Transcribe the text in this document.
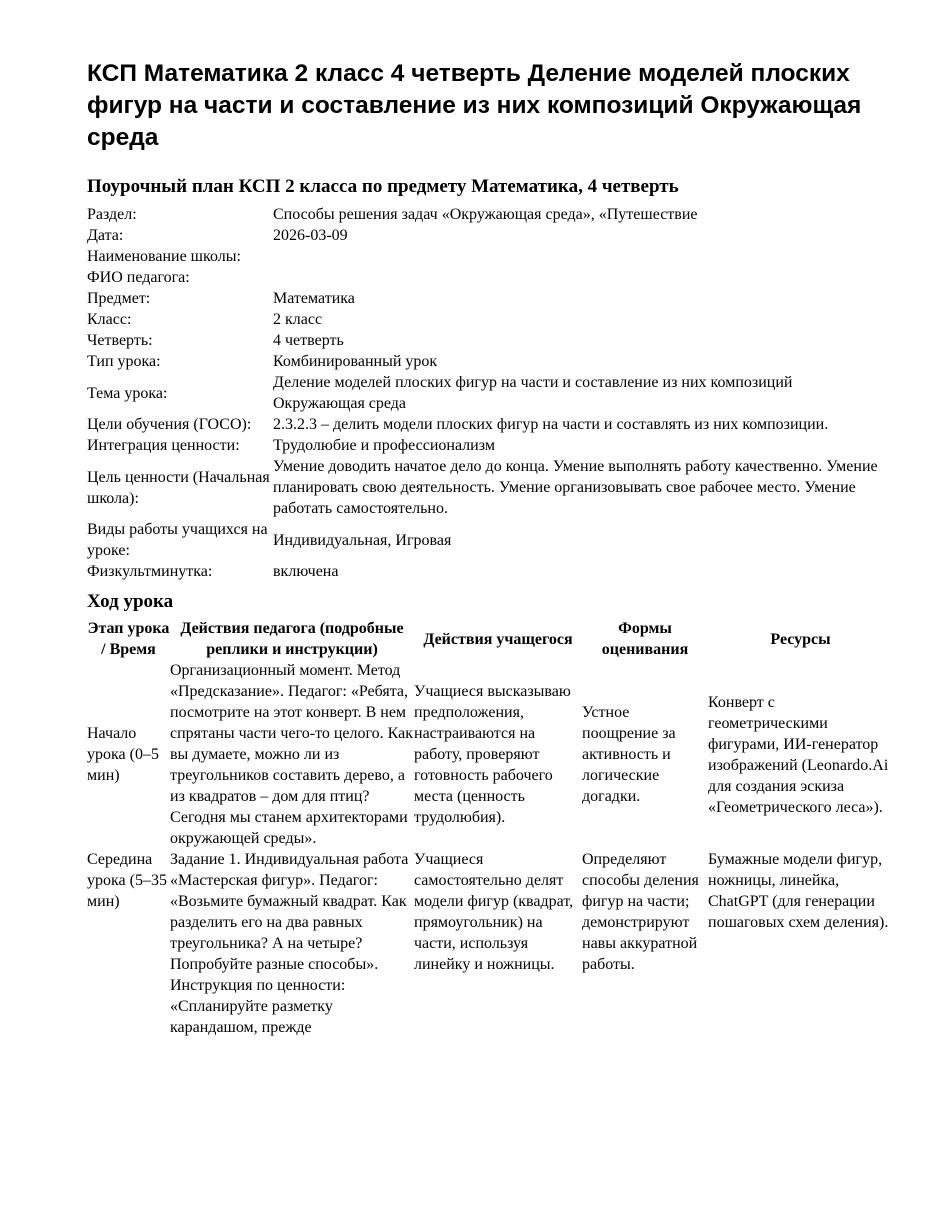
КСП Математика 2 класс 4 четверть Деление моделей плоских фигур на части и составление из них композиций Окружающая среда
Поурочный план КСП 2 класса по предмету Математика, 4 четверть
Раздел:	Способы решения задач «Окружающая среда», «Путешествие
Дата:	2026-03-09
Наименование школы:	
ФИО педагога:	
Предмет:	Математика
Класс:	2 класс
Четверть:	4 четверть
Тип урока:	Комбинированный урок
Тема урока:	Деление моделей плоских фигур на части и составление из них композиций Окружающая среда
Цели обучения (ГОСО):	2.3.2.3 – делить модели плоских фигур на части и составлять из них композиции.
Интеграция ценности:	Трудолюбие и профессионализм
Цель ценности (Начальная школа):	Умение доводить начатое дело до конца. Умение выполнять работу качественно. Умение планировать свою деятельность. Умение организовывать свое рабочее место. Умение работать самостоятельно.
Виды работы учащихся на уроке:	Индивидуальная, Игровая
Физкультминутка:	включена
Ход урока
Этап урока / Время	Действия педагога (подробные реплики и инструкции)	Действия учащегося	Формы оценивания	Ресурсы
Начало урока (0–5 мин)	Организационный момент. Метод «Предсказание». Педагог: «Ребята, посмотрите на этот конверт. В нем спрятаны части чего-то целого. Как вы думаете, можно ли из треугольников составить дерево, а из квадратов – дом для птиц? Сегодня мы станем архитекторами окружающей среды».	Учащиеся высказываю предположения, настраиваются на работу, проверяют готовность рабочего места (ценность трудолюбия).	Устное поощрение за активность и логические догадки.	Конверт с геометрическими фигурами, ИИ-генератор изображений (Leonardo.Ai для создания эскиза «Геометрического леса»).
Середина урока (5–35 мин)	Задание 1. Индивидуальная работа «Мастерская фигур». Педагог: «Возьмите бумажный квадрат. Как разделить его на два равных треугольника? А на четыре? Попробуйте разные способы». Инструкция по ценности: «Спланируйте разметку карандашом, прежде	Учащиеся самостоятельно делят модели фигур (квадрат, прямоугольник) на части, используя линейку и ножницы.	Определяют способы деления фигур на части; демонстрируют навы аккуратной работы.	Бумажные модели фигур, ножницы, линейка, ChatGPT (для генерации пошаговых схем деления).
